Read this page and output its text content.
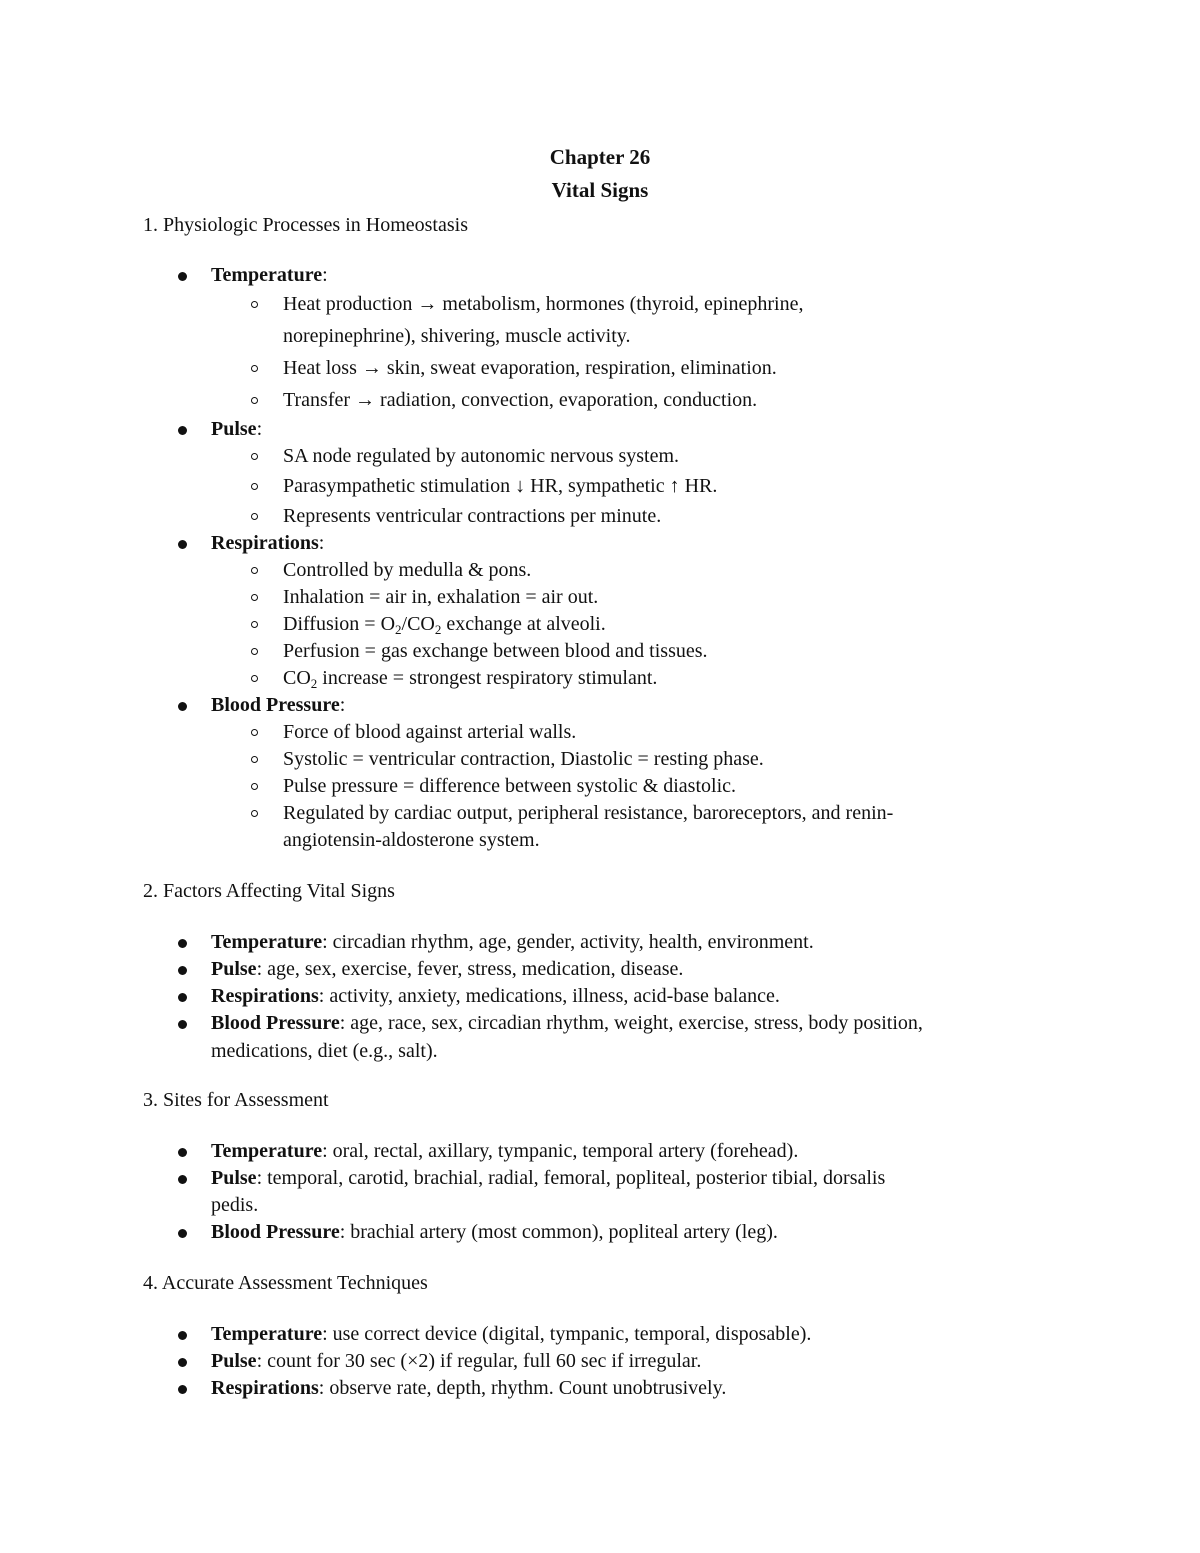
Chapter 26
Vital Signs
1. Physiologic Processes in Homeostasis
Temperature:
Heat production → metabolism, hormones (thyroid, epinephrine,
norepinephrine), shivering, muscle activity.
Heat loss → skin, sweat evaporation, respiration, elimination.
Transfer → radiation, convection, evaporation, conduction.
Pulse:
SA node regulated by autonomic nervous system.
Parasympathetic stimulation ↓ HR, sympathetic ↑ HR.
Represents ventricular contractions per minute.
Respirations:
Controlled by medulla & pons.
Inhalation = air in, exhalation = air out.
Diffusion = $O_2/CO_2$ exchange at alveoli.
Perfusion = gas exchange between blood and tissues.
$CO_2$ increase = strongest respiratory stimulant.
Blood Pressure:
Force of blood against arterial walls.
Systolic = ventricular contraction, Diastolic = resting phase.
Pulse pressure = difference between systolic & diastolic.
Regulated by cardiac output, peripheral resistance, baroreceptors, and renin-
angiotensin-aldosterone system.
2. Factors Affecting Vital Signs
Temperature: circadian rhythm, age, gender, activity, health, environment.
Pulse: age, sex, exercise, fever, stress, medication, disease.
Respirations: activity, anxiety, medications, illness, acid-base balance.
Blood Pressure: age, race, sex, circadian rhythm, weight, exercise, stress, body position,
medications, diet (e.g., salt).
3. Sites for Assessment
Temperature: oral, rectal, axillary, tympanic, temporal artery (forehead).
Pulse: temporal, carotid, brachial, radial, femoral, popliteal, posterior tibial, dorsalis
pedis.
Blood Pressure: brachial artery (most common), popliteal artery (leg).
4. Accurate Assessment Techniques
Temperature: use correct device (digital, tympanic, temporal, disposable).
Pulse: count for 30 sec (×2) if regular, full 60 sec if irregular.
Respirations: observe rate, depth, rhythm. Count unobtrusively.
